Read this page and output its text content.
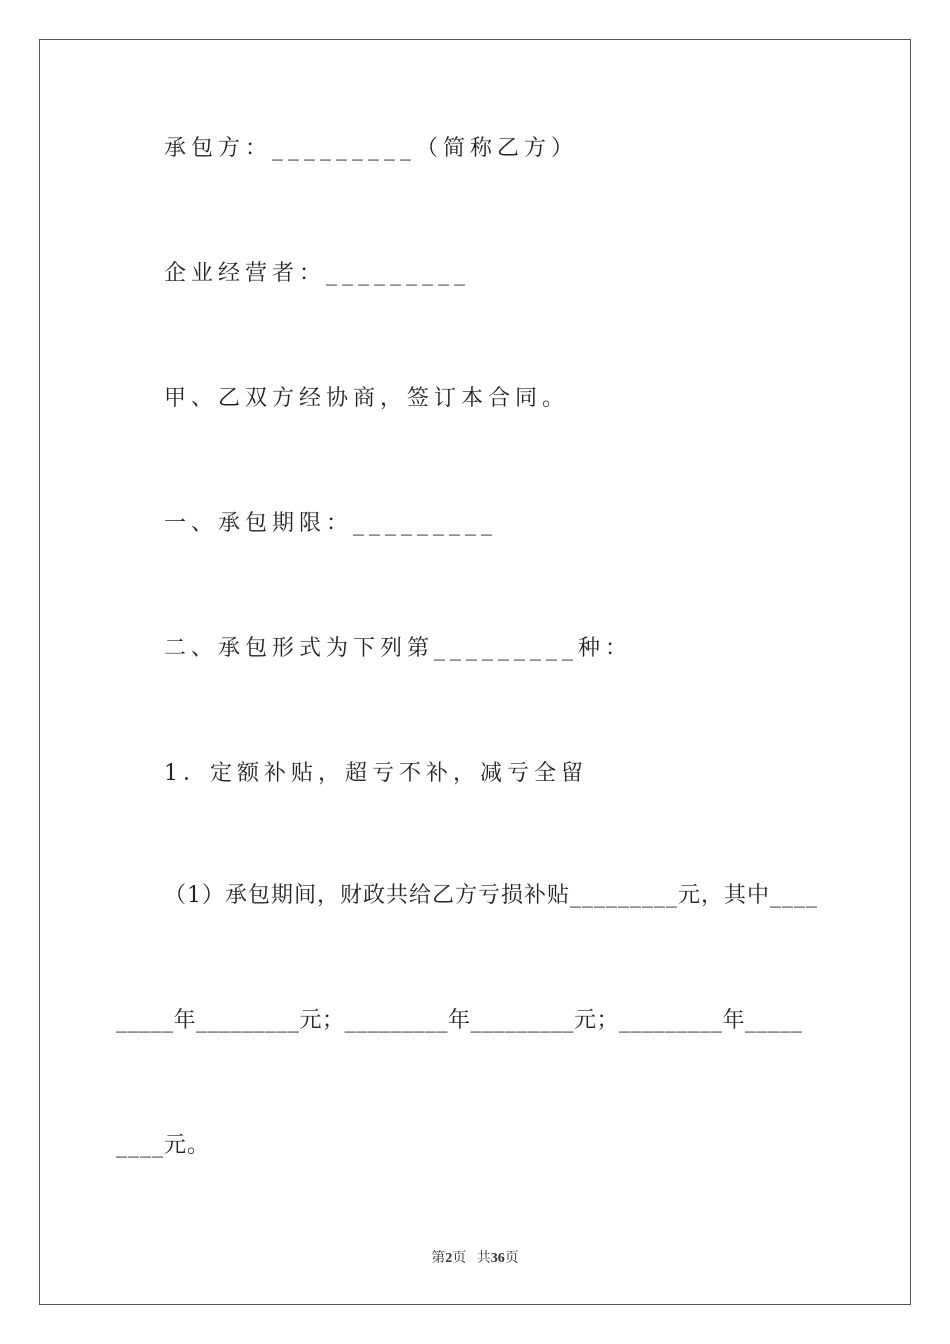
承包方：_________（简称乙方）
企业经营者：_________
甲、乙双方经协商，签订本合同。
一、承包期限：_________
二、承包形式为下列第_________种：
1．定额补贴，超亏不补，减亏全留
（1）承包期间，财政共给乙方亏损补贴_________元，其中____
_____年_________元；_________年_________元；_________年_____
____元。
第2页 共36页
